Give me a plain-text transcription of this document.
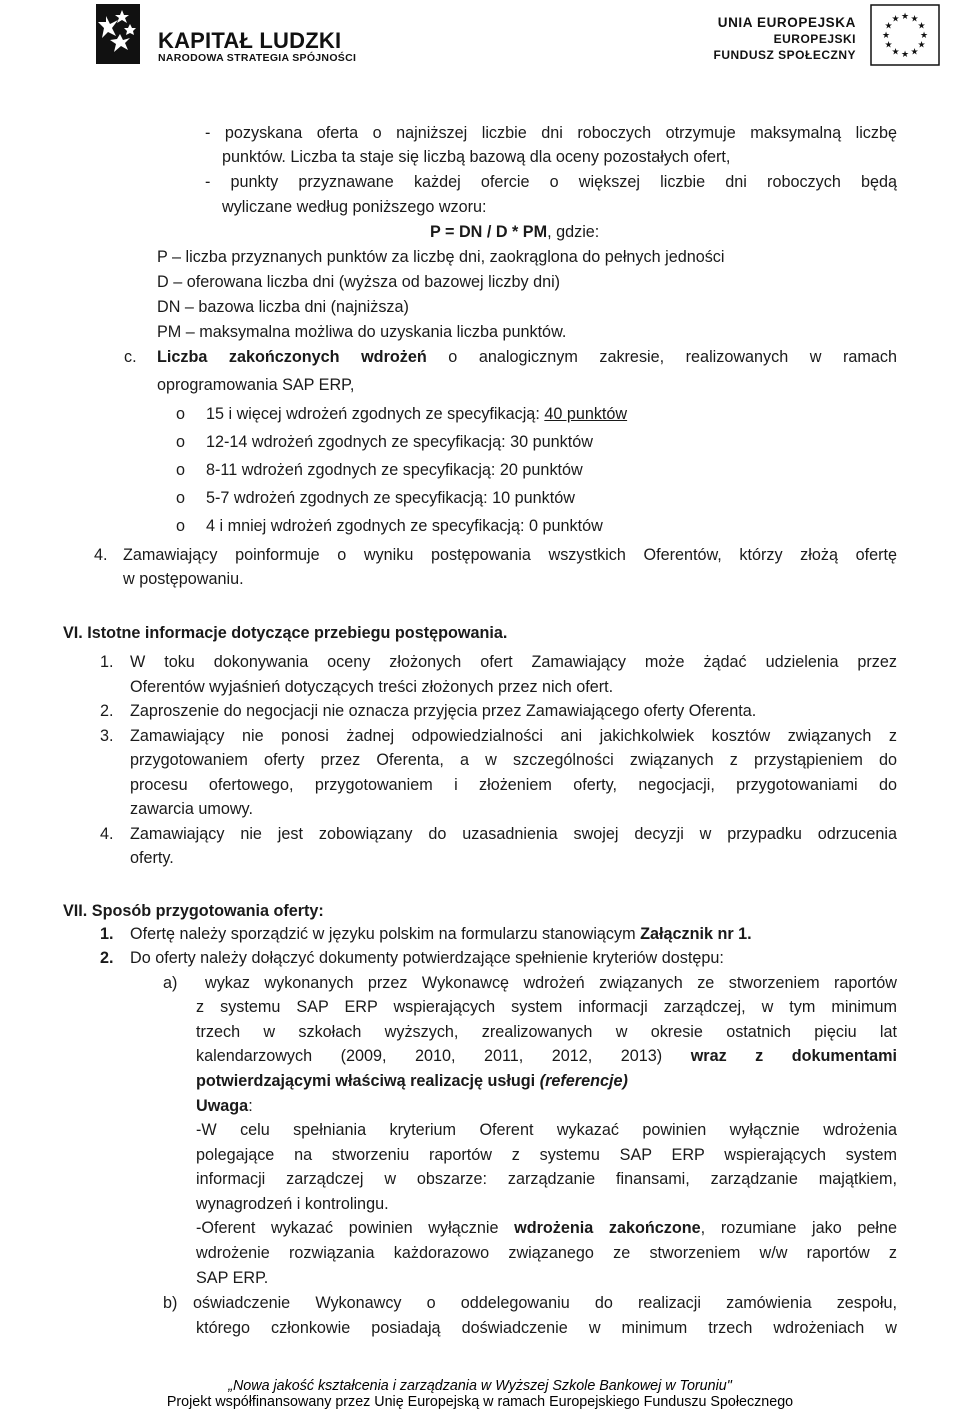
KAPITAŁ LUDZKI
NARODOWA STRATEGIA SPÓJNOŚCI
UNIA EUROPEJSKA
EUROPEJSKI
FUNDUSZ SPOŁECZNY
★ ★
★
★
★
★
★
★
★
★
★
★
- pozyskana oferta o najniższej liczbie dni roboczych otrzymuje maksymalną liczbę
punktów. Liczba ta staje się liczbą bazową dla oceny pozostałych ofert,
- punkty przyznawane każdej ofercie o większej liczbie dni roboczych będą
wyliczane według poniższego wzoru:
P = DN / D * PM, gdzie:
P – liczba przyznanych punktów za liczbę dni, zaokrąglona do pełnych jedności
D – oferowana liczba dni (wyższa od bazowej liczby dni)
DN – bazowa liczba dni (najniższa)
PM – maksymalna możliwa do uzyskania liczba punktów.
c. Liczba zakończonych wdrożeń o analogicznym zakresie, realizowanych w ramach
oprogramowania SAP ERP,
o 15 i więcej wdrożeń zgodnych ze specyfikacją: 40 punktów
o 12-14 wdrożeń zgodnych ze specyfikacją: 30 punktów
o 8-11 wdrożeń zgodnych ze specyfikacją: 20 punktów
o 5-7 wdrożeń zgodnych ze specyfikacją: 10 punktów
o 4 i mniej wdrożeń zgodnych ze specyfikacją: 0 punktów
4. Zamawiający poinformuje o wyniku postępowania wszystkich Oferentów, którzy złożą ofertę
w postępowaniu.
VI. Istotne informacje dotyczące przebiegu postępowania.
1. W toku dokonywania oceny złożonych ofert Zamawiający może żądać udzielenia przez
Oferentów wyjaśnień dotyczących treści złożonych przez nich ofert.
2. Zaproszenie do negocjacji nie oznacza przyjęcia przez Zamawiającego oferty Oferenta.
3. Zamawiający nie ponosi żadnej odpowiedzialności ani jakichkolwiek kosztów związanych z
przygotowaniem oferty przez Oferenta, a w szczególności związanych z przystąpieniem do
procesu ofertowego, przygotowaniem i złożeniem oferty, negocjacji, przygotowaniami do
zawarcia umowy.
4. Zamawiający nie jest zobowiązany do uzasadnienia swojej decyzji w przypadku odrzucenia
oferty.
VII. Sposób przygotowania oferty:
1. Ofertę należy sporządzić w języku polskim na formularzu stanowiącym Załącznik nr 1.
2. Do oferty należy dołączyć dokumenty potwierdzające spełnienie kryteriów dostępu:
a) wykaz wykonanych przez Wykonawcę wdrożeń związanych ze stworzeniem raportów
z systemu SAP ERP wspierających system informacji zarządczej, w tym minimum
trzech w szkołach wyższych, zrealizowanych w okresie ostatnich pięciu lat
kalendarzowych (2009, 2010, 2011, 2012, 2013) wraz z dokumentami
potwierdzającymi właściwą realizację usługi (referencje)
Uwaga:
-W celu spełniania kryterium Oferent wykazać powinien wyłącznie wdrożenia
polegające na stworzeniu raportów z systemu SAP ERP wspierających system
informacji zarządczej w obszarze: zarządzanie finansami, zarządzanie majątkiem,
wynagrodzeń i kontrolingu.
-Oferent wykazać powinien wyłącznie wdrożenia zakończone, rozumiane jako pełne
wdrożenie rozwiązania każdorazowo związanego ze stworzeniem w/w raportów z
SAP ERP.
b) oświadczenie Wykonawcy o oddelegowaniu do realizacji zamówienia zespołu,
którego członkowie posiadają doświadczenie w minimum trzech wdrożeniach w
„Nowa jakość kształcenia i zarządzania w Wyższej Szkole Bankowej w Toruniu"
Projekt współfinansowany przez Unię Europejską w ramach Europejskiego Funduszu Społecznego
